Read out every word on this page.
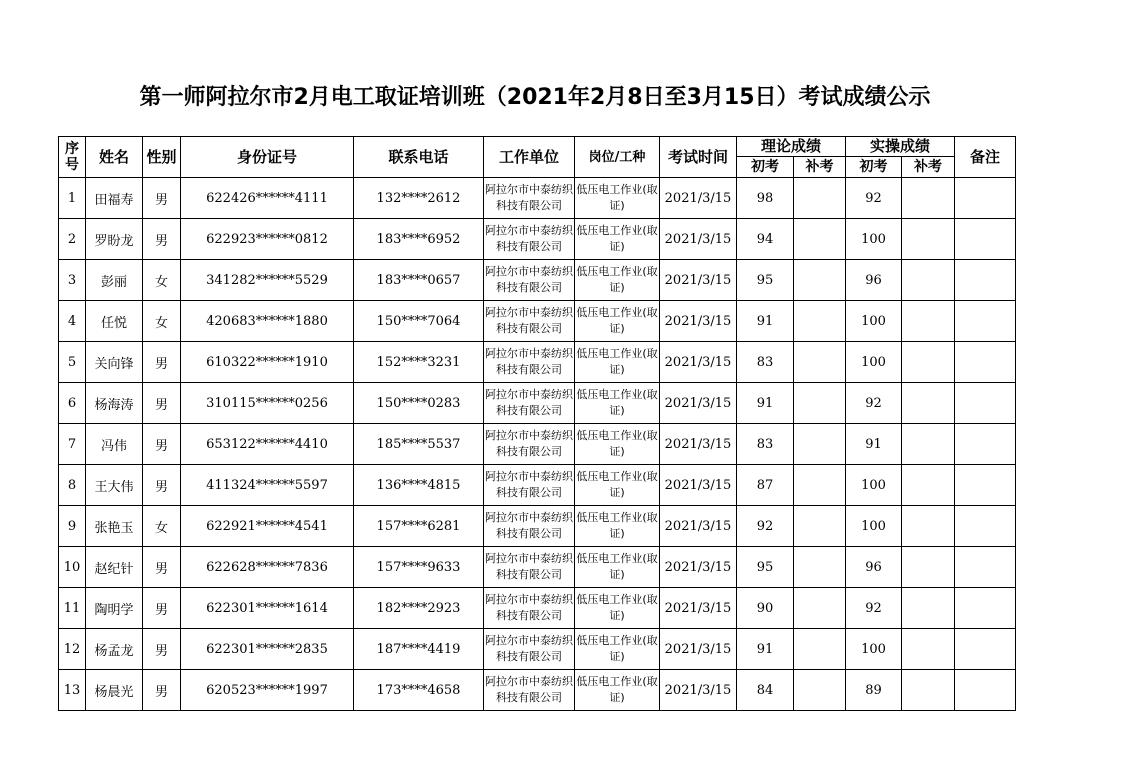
第一师阿拉尔市2月电工取证培训班（2021年2月8日至3月15日）考试成绩公示
序号	姓名	性别	身份证号	联系电话	工作单位	岗位/工种	考试时间	理论成绩		实操成绩		备注
								初考	补考	初考	补考	
1	田福寿	男	622426******4111	132****2612	阿拉尔市中泰纺织科技有限公司	低压电工作业(取证)	2021/3/15	98		92		
2	罗盼龙	男	622923******0812	183****6952	阿拉尔市中泰纺织科技有限公司	低压电工作业(取证)	2021/3/15	94		100		
3	彭丽	女	341282******5529	183****0657	阿拉尔市中泰纺织科技有限公司	低压电工作业(取证)	2021/3/15	95		96		
4	任悦	女	420683******1880	150****7064	阿拉尔市中泰纺织科技有限公司	低压电工作业(取证)	2021/3/15	91		100		
5	关向锋	男	610322******1910	152****3231	阿拉尔市中泰纺织科技有限公司	低压电工作业(取证)	2021/3/15	83		100		
6	杨海涛	男	310115******0256	150****0283	阿拉尔市中泰纺织科技有限公司	低压电工作业(取证)	2021/3/15	91		92		
7	冯伟	男	653122******4410	185****5537	阿拉尔市中泰纺织科技有限公司	低压电工作业(取证)	2021/3/15	83		91		
8	王大伟	男	411324******5597	136****4815	阿拉尔市中泰纺织科技有限公司	低压电工作业(取证)	2021/3/15	87		100		
9	张艳玉	女	622921******4541	157****6281	阿拉尔市中泰纺织科技有限公司	低压电工作业(取证)	2021/3/15	92		100		
10	赵纪针	男	622628******7836	157****9633	阿拉尔市中泰纺织科技有限公司	低压电工作业(取证)	2021/3/15	95		96		
11	陶明学	男	622301******1614	182****2923	阿拉尔市中泰纺织科技有限公司	低压电工作业(取证)	2021/3/15	90		92		
12	杨孟龙	男	622301******2835	187****4419	阿拉尔市中泰纺织科技有限公司	低压电工作业(取证)	2021/3/15	91		100		
13	杨晨光	男	620523******1997	173****4658	阿拉尔市中泰纺织科技有限公司	低压电工作业(取证)	2021/3/15	84		89		
